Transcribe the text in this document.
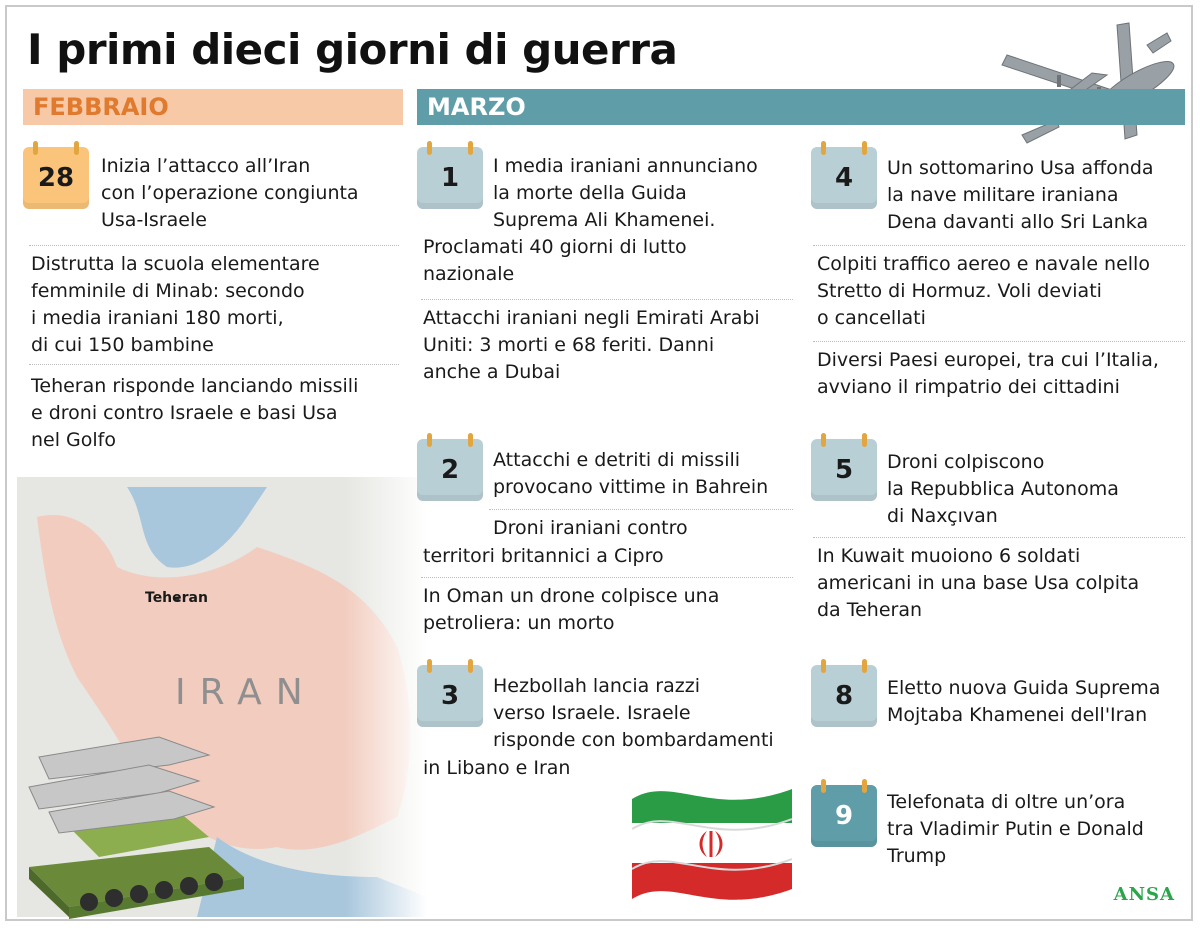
I primi dieci giorni di guerra
FEBBRAIO	MARZO
28	Inizia l’attacco all’Iran
con l’operazione congiunta
Usa-Israele
Distrutta la scuola elementare
femminile di Minab: secondo
i media iraniani 180 morti,
di cui 150 bambine
Teheran risponde lanciando missili
e droni contro Israele e basi Usa
nel Golfo
Teheran
IRAN
1	I media iraniani annunciano
la morte della Guida
Suprema Ali Khamenei.
Proclamati 40 giorni di lutto
nazionale
Attacchi iraniani negli Emirati Arabi
Uniti: 3 morti e 68 feriti. Danni
anche a Dubai
2	Attacchi e detriti di missili
provocano vittime in Bahrein
Droni iraniani contro
territori britannici a Cipro
In Oman un drone colpisce una
petroliera: un morto
3	Hezbollah lancia razzi
verso Israele. Israele
risponde con bombardamenti
in Libano e Iran
4	Un sottomarino Usa affonda
la nave militare iraniana
Dena davanti allo Sri Lanka
Colpiti traffico aereo e navale nello
Stretto di Hormuz. Voli deviati
o cancellati
Diversi Paesi europei, tra cui l’Italia,
avviano il rimpatrio dei cittadini
5	Droni colpiscono
la Repubblica Autonoma
di Naxçıvan
In Kuwait muoiono 6 soldati
americani in una base Usa colpita
da Teheran
8	Eletto nuova Guida Suprema
Mojtaba Khamenei dell'Iran
9	Telefonata di oltre un’ora
tra Vladimir Putin e Donald
Trump
ANSA
